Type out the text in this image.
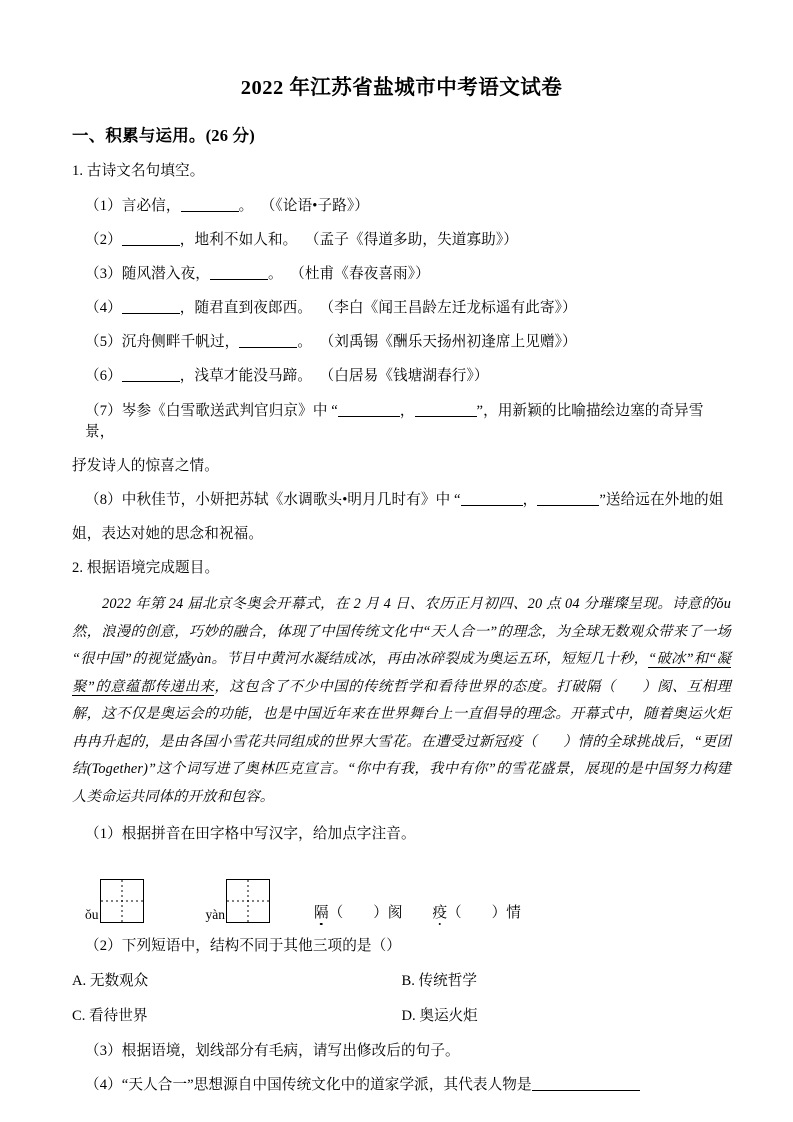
2022 年江苏省盐城市中考语文试卷
一、积累与运用。(26 分)
1. 古诗文名句填空。
（1）言必信，	。 （《论语•子路》）
（2）	，地利不如人和。 （孟子《得道多助，失道寡助》）
（3）随风潜入夜，	。 （杜甫《春夜喜雨》）
（4）	，随君直到夜郎西。 （李白《闻王昌龄左迁龙标遥有此寄》）
（5）沉舟侧畔千帆过，	。 （刘禹锡《酬乐天扬州初逢席上见赠》）
（6）	，浅草才能没马蹄。 （白居易《钱塘湖春行》）
（7）岑参《白雪歌送武判官归京》中 “	，	”，用新颖的比喻描绘边塞的奇异雪景，
抒发诗人的惊喜之情。
（8）中秋佳节，小妍把苏轼《水调歌头•明月几时有》中 “	，	”送给远在外地的姐
姐，表达对她的思念和祝福。
2. 根据语境完成题目。
2022 年第 24 届北京冬奥会开幕式，在 2 月 4 日、农历正月初四、20 点 04 分璀璨呈现。诗意的ǒu然，浪漫的创意，巧妙的融合，体现了中国传统文化中“天人合一”的理念，为全球无数观众带来了一场“很中国”的视觉盛yàn。节目中黄河水凝结成冰，再由冰碎裂成为奥运五环，短短几十秒，“破冰”和“凝聚”的意蕴都传递出来，这包含了不少中国的传统哲学和看待世界的态度。打破隔（ ）阂、互相理解，这不仅是奥运会的功能，也是中国近年来在世界舞台上一直倡导的理念。开幕式中，随着奥运火炬冉冉升起的，是由各国小雪花共同组成的世界大雪花。在遭受过新冠疫（ ）情的全球挑战后，“更团结(Together)”这个词写进了奥林匹克宣言。“你中有我，我中有你”的雪花盛景，展现的是中国努力构建人类命运共同体的开放和包容。
（1）根据拼音在田字格中写汉字，给加点字注音。
ǒu	yàn	隔（ ）阂 疫（ ）情
（2）下列短语中，结构不同于其他三项的是（）
A. 无数观众	B. 传统哲学
C. 看待世界	D. 奥运火炬
（3）根据语境，划线部分有毛病，请写出修改后的句子。
（4）“天人合一”思想源自中国传统文化中的道家学派，其代表人物是
